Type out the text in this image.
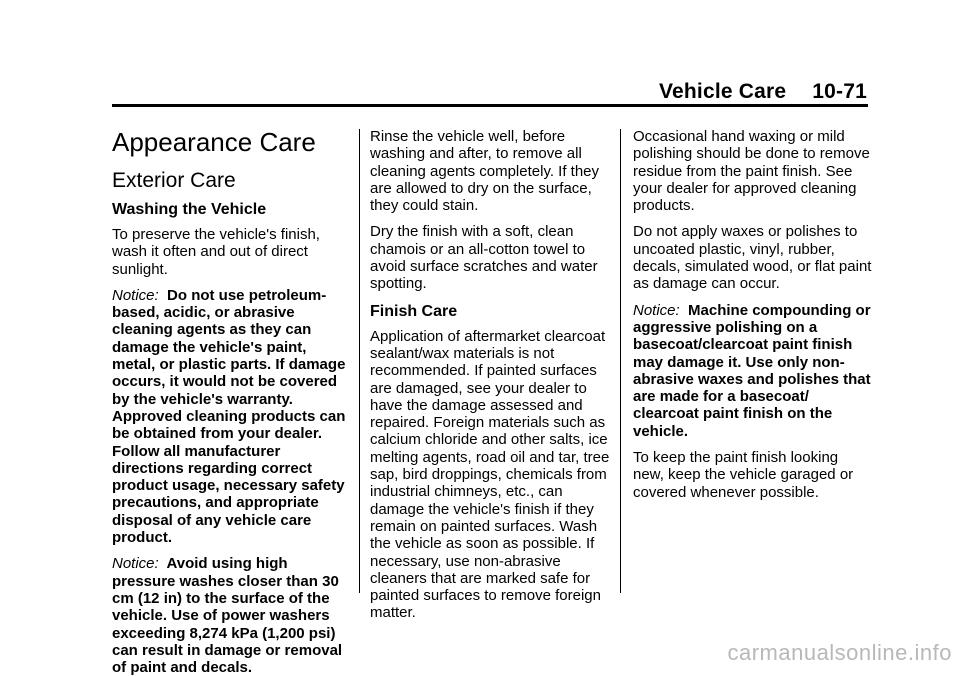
Vehicle Care 10-71
Appearance Care
Exterior Care
Washing the Vehicle

To preserve the vehicle's finish, wash it often and out of direct sunlight.

Notice: Do not use petroleum-based, acidic, or abrasive cleaning agents as they can damage the vehicle's paint, metal, or plastic parts. If damage occurs, it would not be covered by the vehicle's warranty. Approved cleaning products can be obtained from your dealer. Follow all manufacturer directions regarding correct product usage, necessary safety precautions, and appropriate disposal of any vehicle care product.

Notice: Avoid using high pressure washes closer than 30 cm (12 in) to the surface of the vehicle. Use of power washers exceeding 8,274 kPa (1,200 psi) can result in damage or removal of paint and decals.

Rinse the vehicle well, before washing and after, to remove all cleaning agents completely. If they are allowed to dry on the surface, they could stain.

Dry the finish with a soft, clean chamois or an all-cotton towel to avoid surface scratches and water spotting.

Finish Care

Application of aftermarket clearcoat sealant/wax materials is not recommended. If painted surfaces are damaged, see your dealer to have the damage assessed and repaired. Foreign materials such as calcium chloride and other salts, ice melting agents, road oil and tar, tree sap, bird droppings, chemicals from industrial chimneys, etc., can damage the vehicle's finish if they remain on painted surfaces. Wash the vehicle as soon as possible. If necessary, use non-abrasive cleaners that are marked safe for painted surfaces to remove foreign matter.

Occasional hand waxing or mild polishing should be done to remove residue from the paint finish. See your dealer for approved cleaning products.

Do not apply waxes or polishes to uncoated plastic, vinyl, rubber, decals, simulated wood, or flat paint as damage can occur.

Notice: Machine compounding or aggressive polishing on a basecoat/clearcoat paint finish may damage it. Use only non-abrasive waxes and polishes that are made for a basecoat/ clearcoat paint finish on the vehicle.

To keep the paint finish looking new, keep the vehicle garaged or covered whenever possible.

carmanualsonline.info
